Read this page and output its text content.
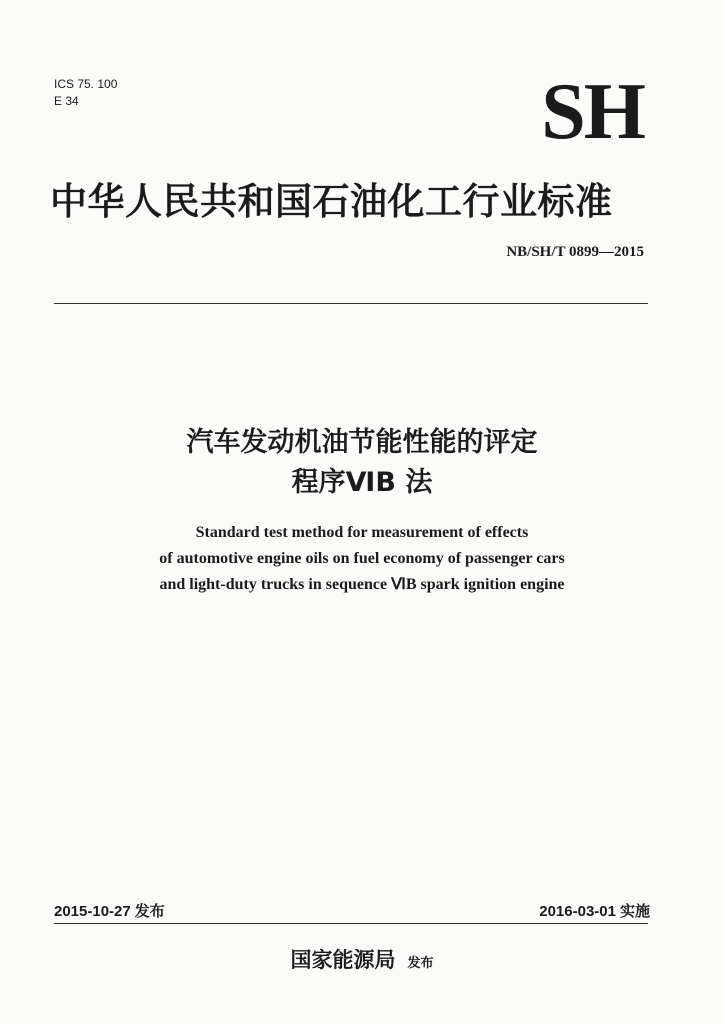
ICS 75. 100
E 34	SH
中华人民共和国石油化工行业标准
NB/SH/T 0899—2015
汽车发动机油节能性能的评定
程序ⅥB 法
Standard test method for measurement of effects
of automotive engine oils on fuel economy of passenger cars
and light-duty trucks in sequence ⅥB spark ignition engine
2015-10-27 发布	2016-03-01 实施
国家能源局 发布
